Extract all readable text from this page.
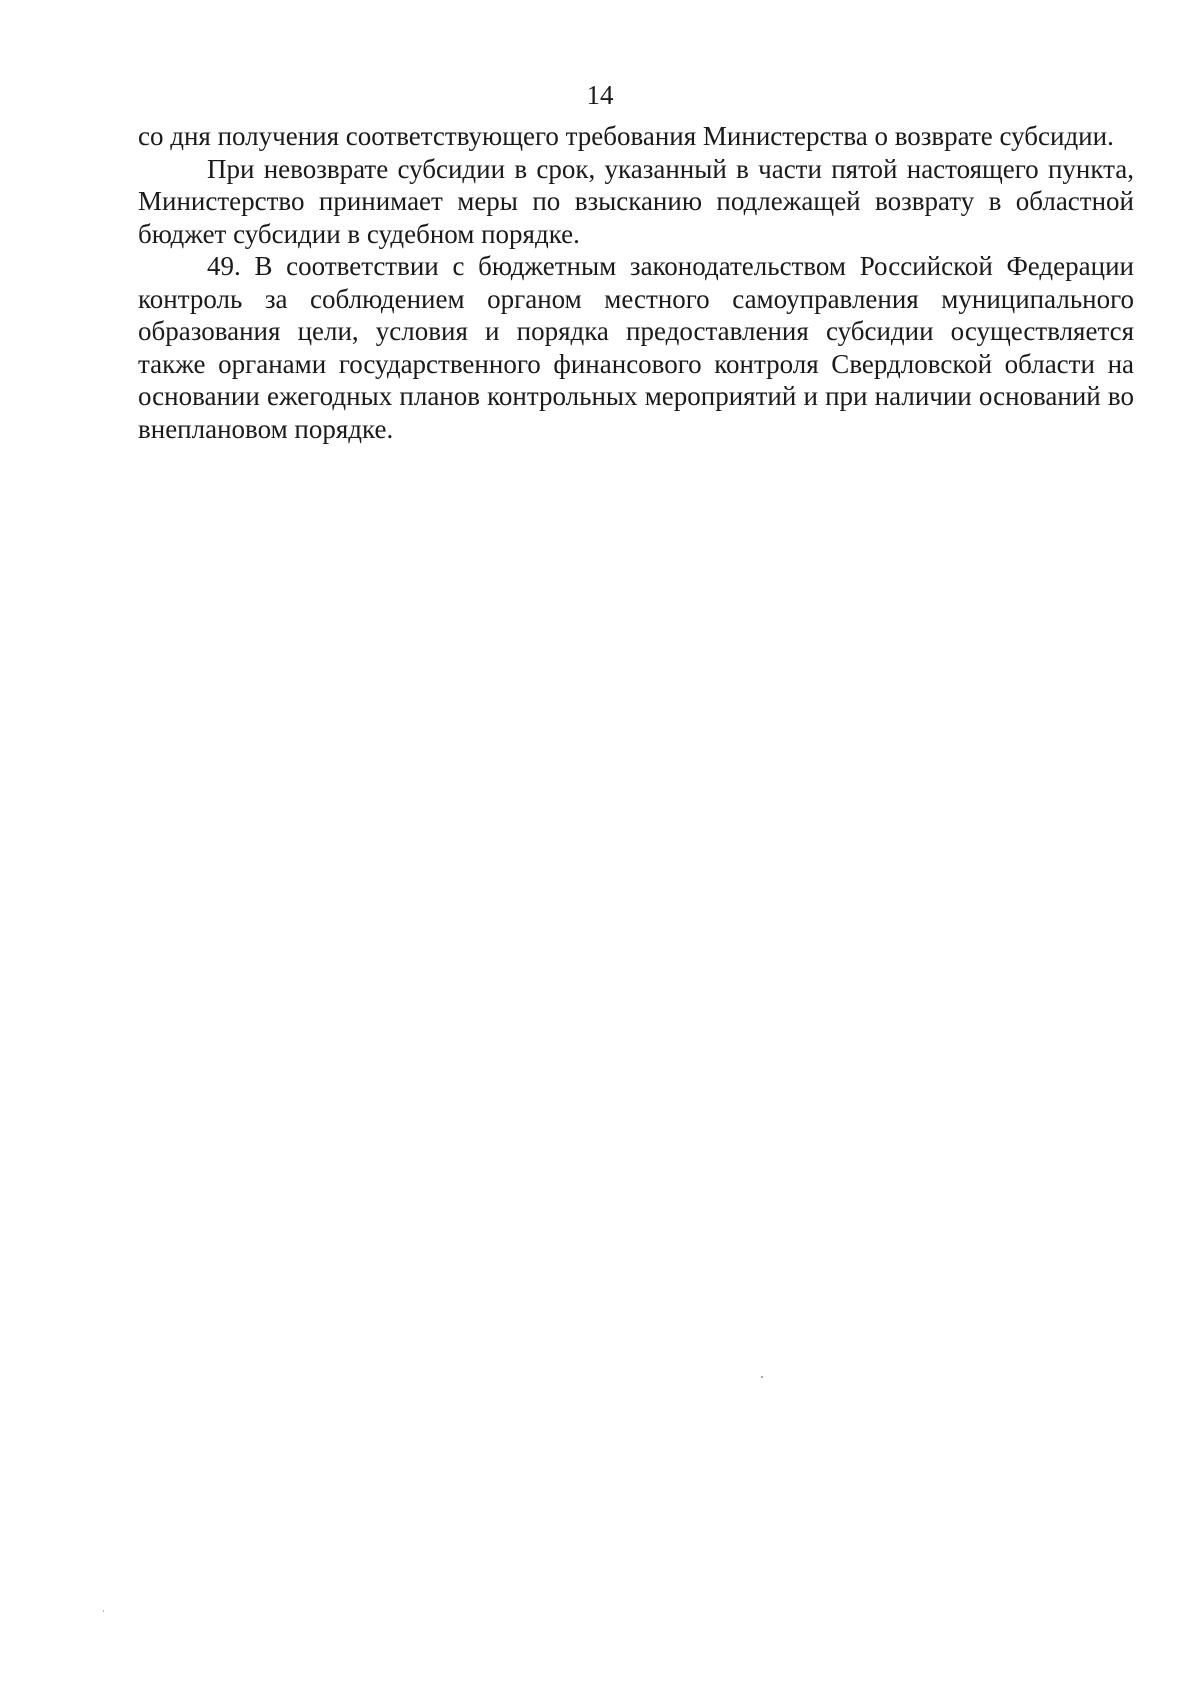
14

со дня получения соответствующего требования Министерства о возврате субсидии.

При невозврате субсидии в срок, указанный в части пятой настоящего пункта, Министерство принимает меры по взысканию подлежащей возврату в областной бюджет субсидии в судебном порядке.

49. В соответствии с бюджетным законодательством Российской Федерации контроль за соблюдением органом местного самоуправления муниципального образования цели, условия и порядка предоставления субсидии осуществляется также органами государственного финансового контроля Свердловской области на основании ежегодных планов контрольных мероприятий и при наличии оснований во внеплановом порядке.
